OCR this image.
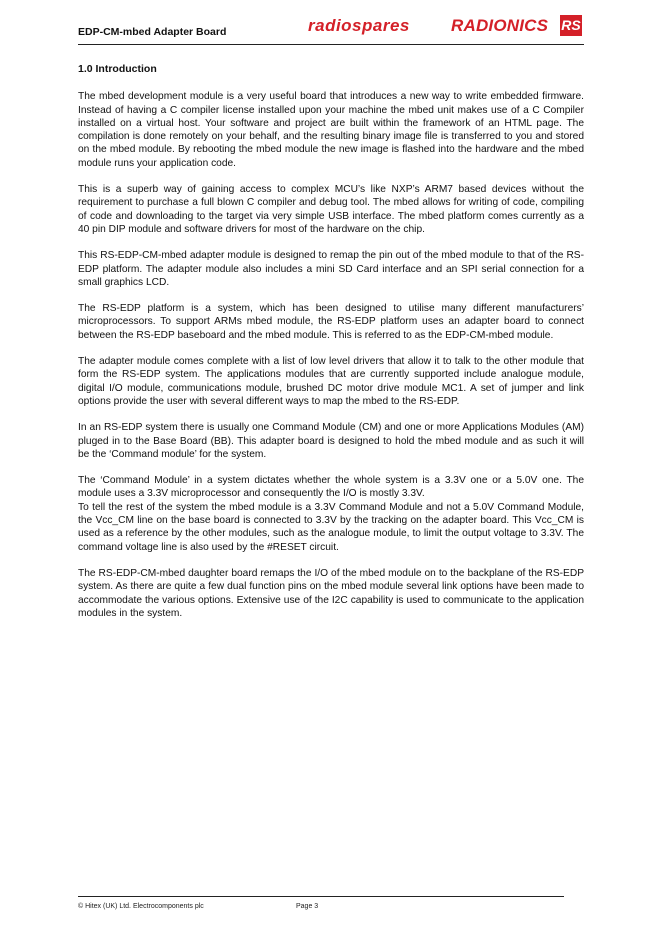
EDP-CM-mbed Adapter Board	radiospares RADIONICS RS
1.0 Introduction

The mbed development module is a very useful board that introduces a new way to write embedded firmware. Instead of having a C compiler license installed upon your machine the mbed unit makes use of a C Compiler installed on a virtual host. Your software and project are built within the framework of an HTML page. The compilation is done remotely on your behalf, and the resulting binary image file is transferred to you and stored on the mbed module. By rebooting the mbed module the new image is flashed into the hardware and the mbed module runs your application code.

This is a superb way of gaining access to complex MCU’s like NXP’s ARM7 based devices without the requirement to purchase a full blown C compiler and debug tool. The mbed allows for writing of code, compiling of code and downloading to the target via very simple USB interface. The mbed platform comes currently as a 40 pin DIP module and software drivers for most of the hardware on the chip.

This RS-EDP-CM-mbed adapter module is designed to remap the pin out of the mbed module to that of the RS-EDP platform. The adapter module also includes a mini SD Card interface and an SPI serial connection for a small graphics LCD.

The RS-EDP platform is a system, which has been designed to utilise many different manufacturers’ microprocessors. To support ARMs mbed module, the RS-EDP platform uses an adapter board to connect between the RS-EDP baseboard and the mbed module. This is referred to as the EDP-CM-mbed module.

The adapter module comes complete with a list of low level drivers that allow it to talk to the other module that form the RS-EDP system. The applications modules that are currently supported include analogue module, digital I/O module, communications module, brushed DC motor drive module MC1. A set of jumper and link options provide the user with several different ways to map the mbed to the RS-EDP.

In an RS-EDP system there is usually one Command Module (CM) and one or more Applications Modules (AM) pluged in to the Base Board (BB). This adapter board is designed to hold the mbed module and as such it will be the ‘Command module’ for the system.

The ‘Command Module’ in a system dictates whether the whole system is a 3.3V one or a 5.0V one. The module uses a 3.3V microprocessor and consequently the I/O is mostly 3.3V.

To tell the rest of the system the mbed module is a 3.3V Command Module and not a 5.0V Command Module, the Vcc_CM line on the base board is connected to 3.3V by the tracking on the adapter board. This Vcc_CM is used as a reference by the other modules, such as the analogue module, to limit the output voltage to 3.3V. The command voltage line is also used by the #RESET circuit.

The RS-EDP-CM-mbed daughter board remaps the I/O of the mbed module on to the backplane of the RS-EDP system. As there are quite a few dual function pins on the mbed module several link options have been made to accommodate the various options. Extensive use of the I2C capability is used to communicate to the application modules in the system.

© Hitex (UK) Ltd. Electrocomponents plc	Page 3
